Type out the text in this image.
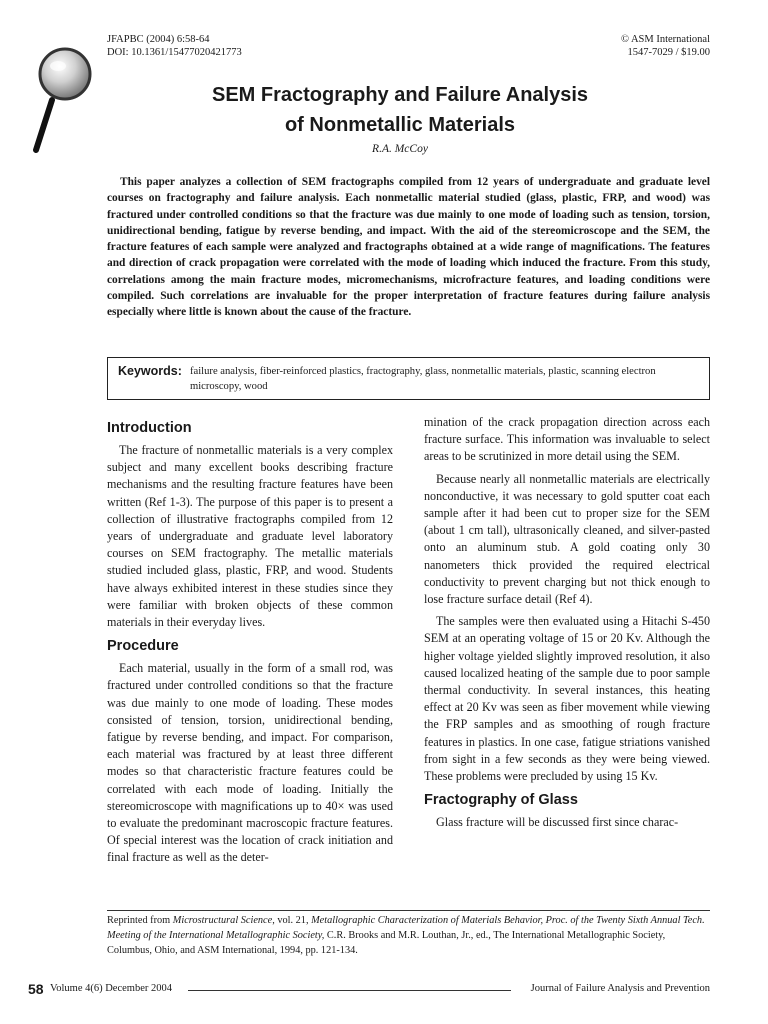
JFAPBC (2004) 6:58-64
DOI: 10.1361/15477020421773
© ASM International
1547-7029 / $19.00
SEM Fractography and Failure Analysis
of Nonmetallic Materials
R.A. McCoy
This paper analyzes a collection of SEM fractographs compiled from 12 years of undergraduate and graduate level courses on fractography and failure analysis. Each nonmetallic material studied (glass, plastic, FRP, and wood) was fractured under controlled conditions so that the fracture was due mainly to one mode of loading such as tension, torsion, unidirectional bending, fatigue by reverse bending, and impact. With the aid of the stereomicroscope and the SEM, the fracture features of each sample were analyzed and fractographs obtained at a wide range of magnifications. The features and direction of crack propagation were correlated with the mode of loading which induced the fracture. From this study, correlations among the main fracture modes, micromechanisms, microfracture features, and loading conditions were compiled. Such correlations are invaluable for the proper interpretation of fracture features during failure analysis especially where little is known about the cause of the fracture.
Keywords: failure analysis, fiber-reinforced plastics, fractography, glass, nonmetallic materials, plastic, scanning electron microscopy, wood
Introduction

The fracture of nonmetallic materials is a very complex subject and many excellent books describing fracture mechanisms and the resulting fracture features have been written (Ref 1-3). The purpose of this paper is to present a collection of illustrative fractographs compiled from 12 years of undergraduate and graduate level laboratory courses on SEM fractography. The metallic materials studied included glass, plastic, FRP, and wood. Students have always exhibited interest in these studies since they were familiar with broken objects of these common materials in their everyday lives.

Procedure

Each material, usually in the form of a small rod, was fractured under controlled conditions so that the fracture was due mainly to one mode of loading. These modes consisted of tension, torsion, unidirectional bending, fatigue by reverse bending, and impact. For comparison, each material was fractured by at least three different modes so that characteristic fracture features could be correlated with each mode of loading. Initially the stereomicroscope with magnifications up to 40× was used to evaluate the predominant macroscopic fracture features. Of special interest was the location of crack initiation and final fracture as well as the deter-

mination of the crack propagation direction across each fracture surface. This information was invaluable to select areas to be scrutinized in more detail using the SEM.

Because nearly all nonmetallic materials are electrically nonconductive, it was necessary to gold sputter coat each sample after it had been cut to proper size for the SEM (about 1 cm tall), ultrasonically cleaned, and silver-pasted onto an aluminum stub. A gold coating only 30 nanometers thick provided the required electrical conductivity to prevent charging but not thick enough to lose fracture surface detail (Ref 4).

The samples were then evaluated using a Hitachi S-450 SEM at an operating voltage of 15 or 20 Kv. Although the higher voltage yielded slightly improved resolution, it also caused localized heating of the sample due to poor sample thermal conductivity. In several instances, this heating effect at 20 Kv was seen as fiber movement while viewing the FRP samples and as smoothing of rough fracture features in plastics. In one case, fatigue striations vanished from sight in a few seconds as they were being viewed. These problems were precluded by using 15 Kv.

Fractography of Glass

Glass fracture will be discussed first since charac-

Reprinted from Microstructural Science, vol. 21, Metallographic Characterization of Materials Behavior, Proc. of the Twenty Sixth Annual Tech. Meeting of the International Metallographic Society, C.R. Brooks and M.R. Louthan, Jr., ed., The International Metallographic Society, Columbus, Ohio, and ASM International, 1994, pp. 121-134.
58 Volume 4(6) December 2004	Journal of Failure Analysis and Prevention
